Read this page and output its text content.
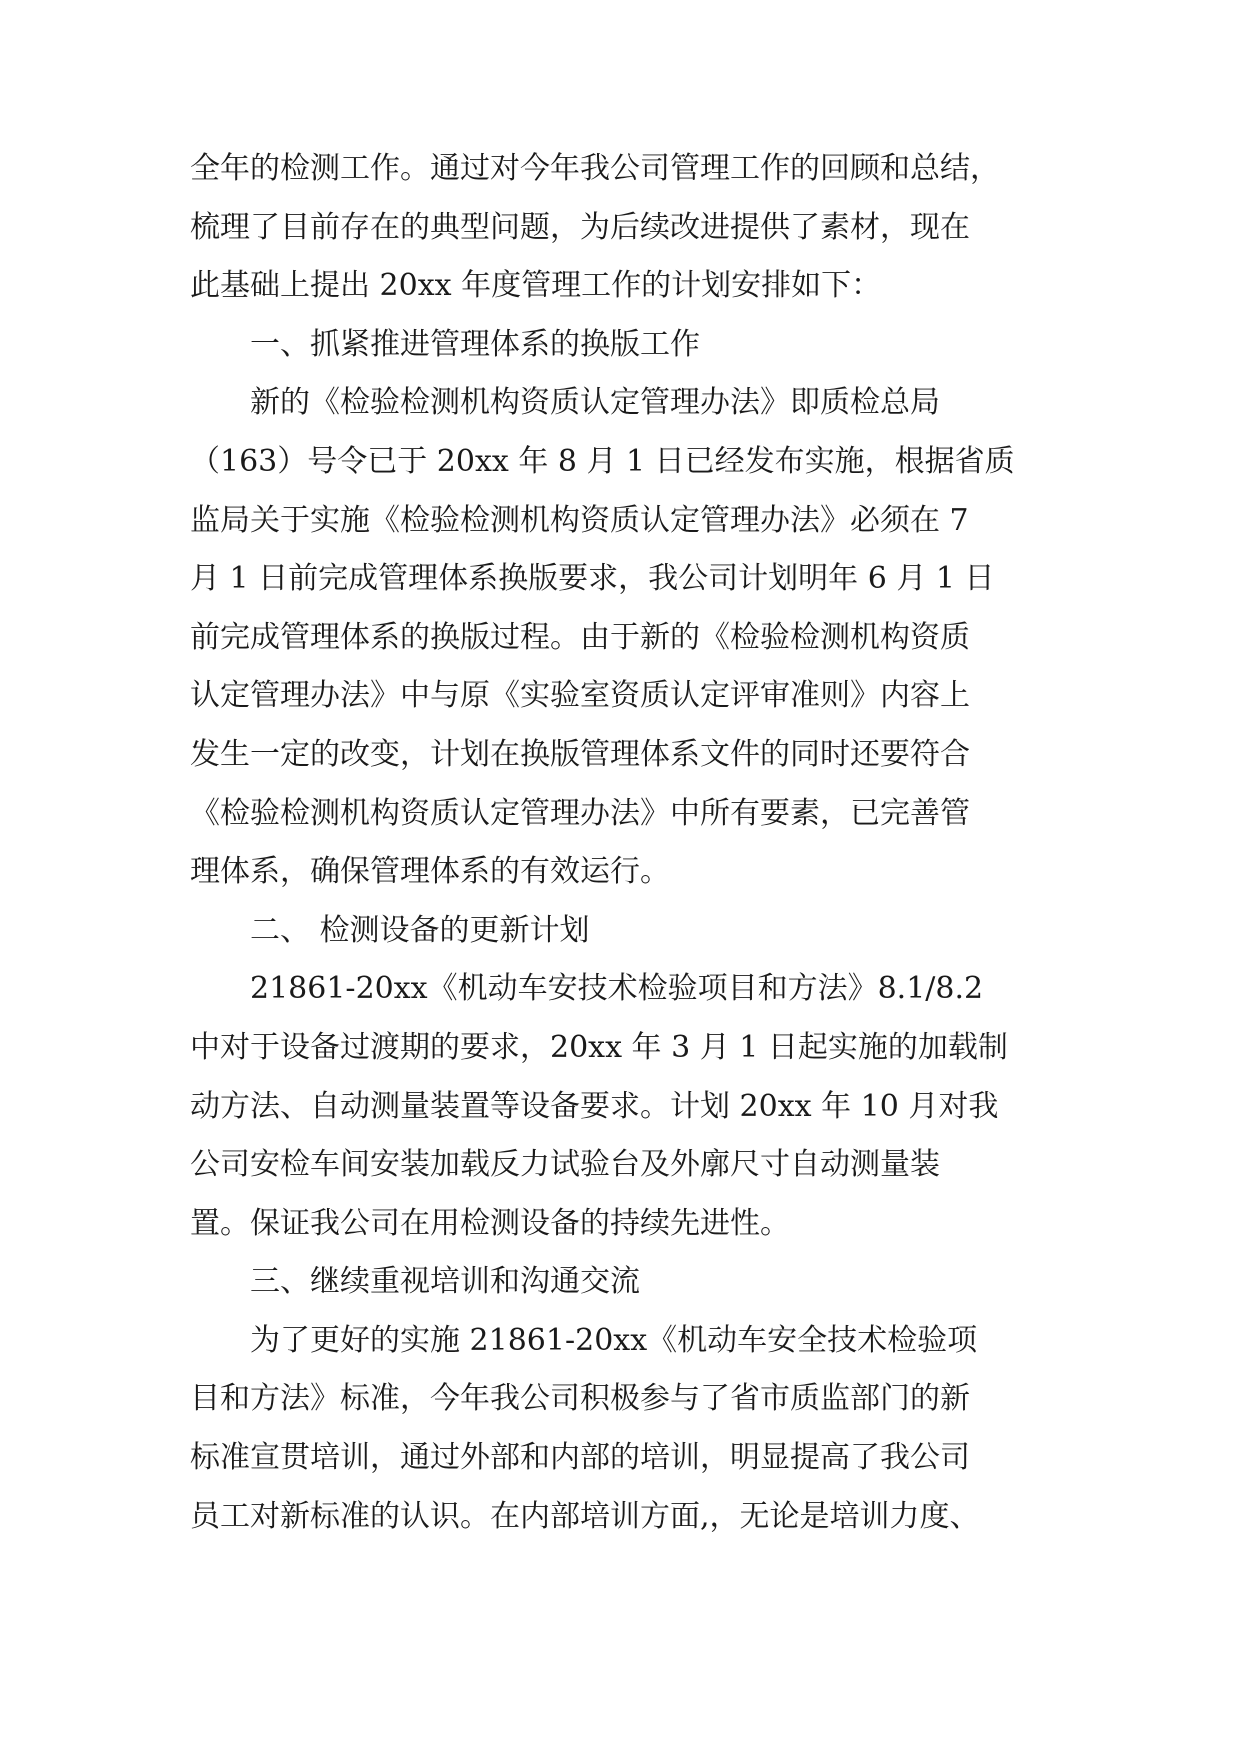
全年的检测工作。通过对今年我公司管理工作的回顾和总结，
梳理了目前存在的典型问题，为后续改进提供了素材，现在
此基础上提出 20xx 年度管理工作的计划安排如下：
一、抓紧推进管理体系的换版工作
新的《检验检测机构资质认定管理办法》即质检总局
（163）号令已于 20xx 年 8 月 1 日已经发布实施，根据省质
监局关于实施《检验检测机构资质认定管理办法》必须在 7
月 1 日前完成管理体系换版要求，我公司计划明年 6 月 1 日
前完成管理体系的换版过程。由于新的《检验检测机构资质
认定管理办法》中与原《实验室资质认定评审准则》内容上
发生一定的改变，计划在换版管理体系文件的同时还要符合
《检验检测机构资质认定管理办法》中所有要素，已完善管
理体系，确保管理体系的有效运行。
二、 检测设备的更新计划
21861-20xx《机动车安技术检验项目和方法》8.1/8.2
中对于设备过渡期的要求，20xx 年 3 月 1 日起实施的加载制
动方法、自动测量装置等设备要求。计划 20xx 年 10 月对我
公司安检车间安装加载反力试验台及外廓尺寸自动测量装
置。保证我公司在用检测设备的持续先进性。
三、继续重视培训和沟通交流
为了更好的实施 21861-20xx《机动车安全技术检验项
目和方法》标准，今年我公司积极参与了省市质监部门的新
标准宣贯培训，通过外部和内部的培训，明显提高了我公司
员工对新标准的认识。在内部培训方面,，无论是培训力度、
